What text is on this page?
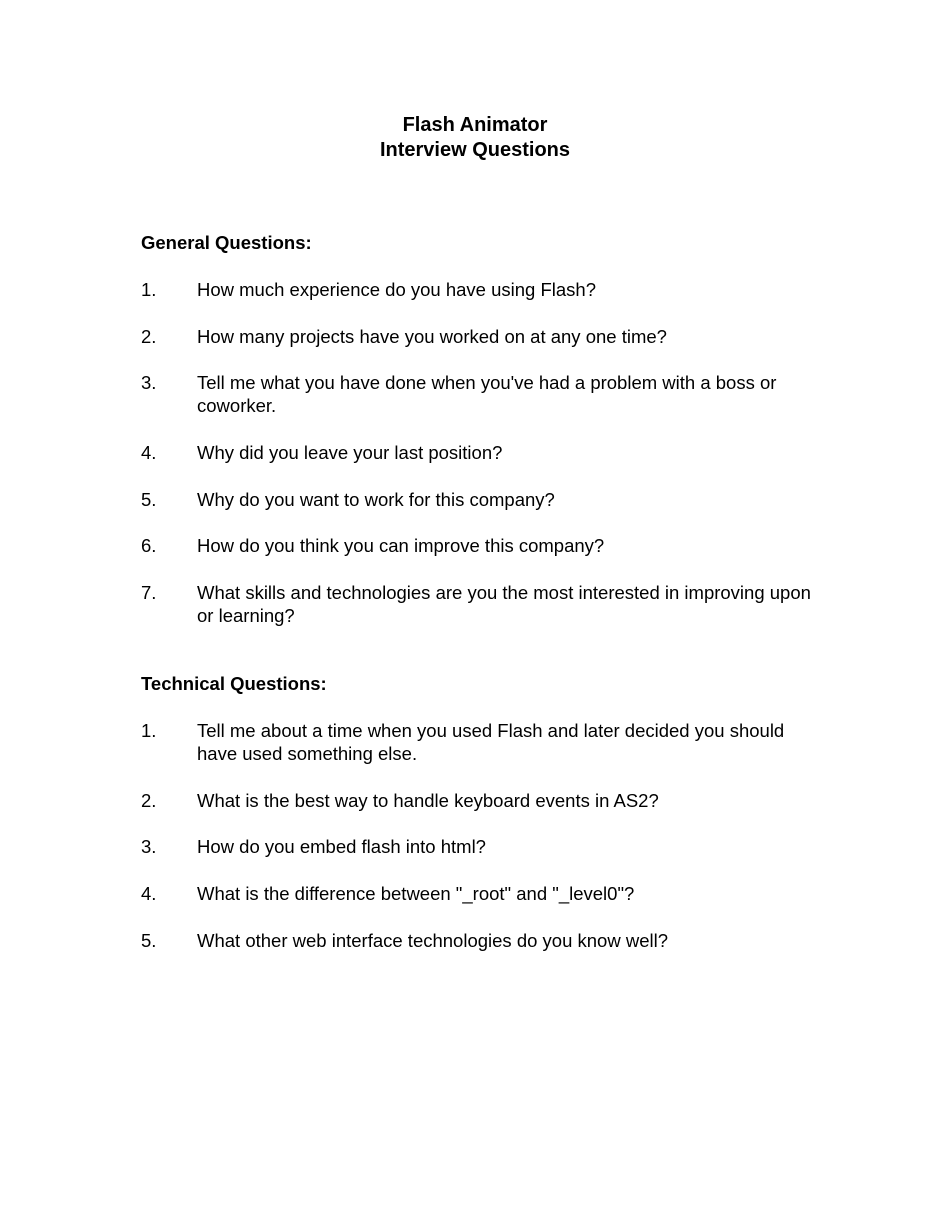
Flash Animator
Interview Questions
General Questions:
1.	How much experience do you have using Flash?
2.	How many projects have you worked on at any one time?
3.	Tell me what you have done when you've had a problem with a boss or coworker.
4.	Why did you leave your last position?
5.	Why do you want to work for this company?
6.	How do you think you can improve this company?
7.	What skills and technologies are you the most interested in improving upon or learning?
Technical Questions:
1.	Tell me about a time when you used Flash and later decided you should have used something else.
2.	What is the best way to handle keyboard events in AS2?
3.	How do you embed flash into html?
4.	What is the difference between "_root" and "_level0"?
5.	What other web interface technologies do you know well?
